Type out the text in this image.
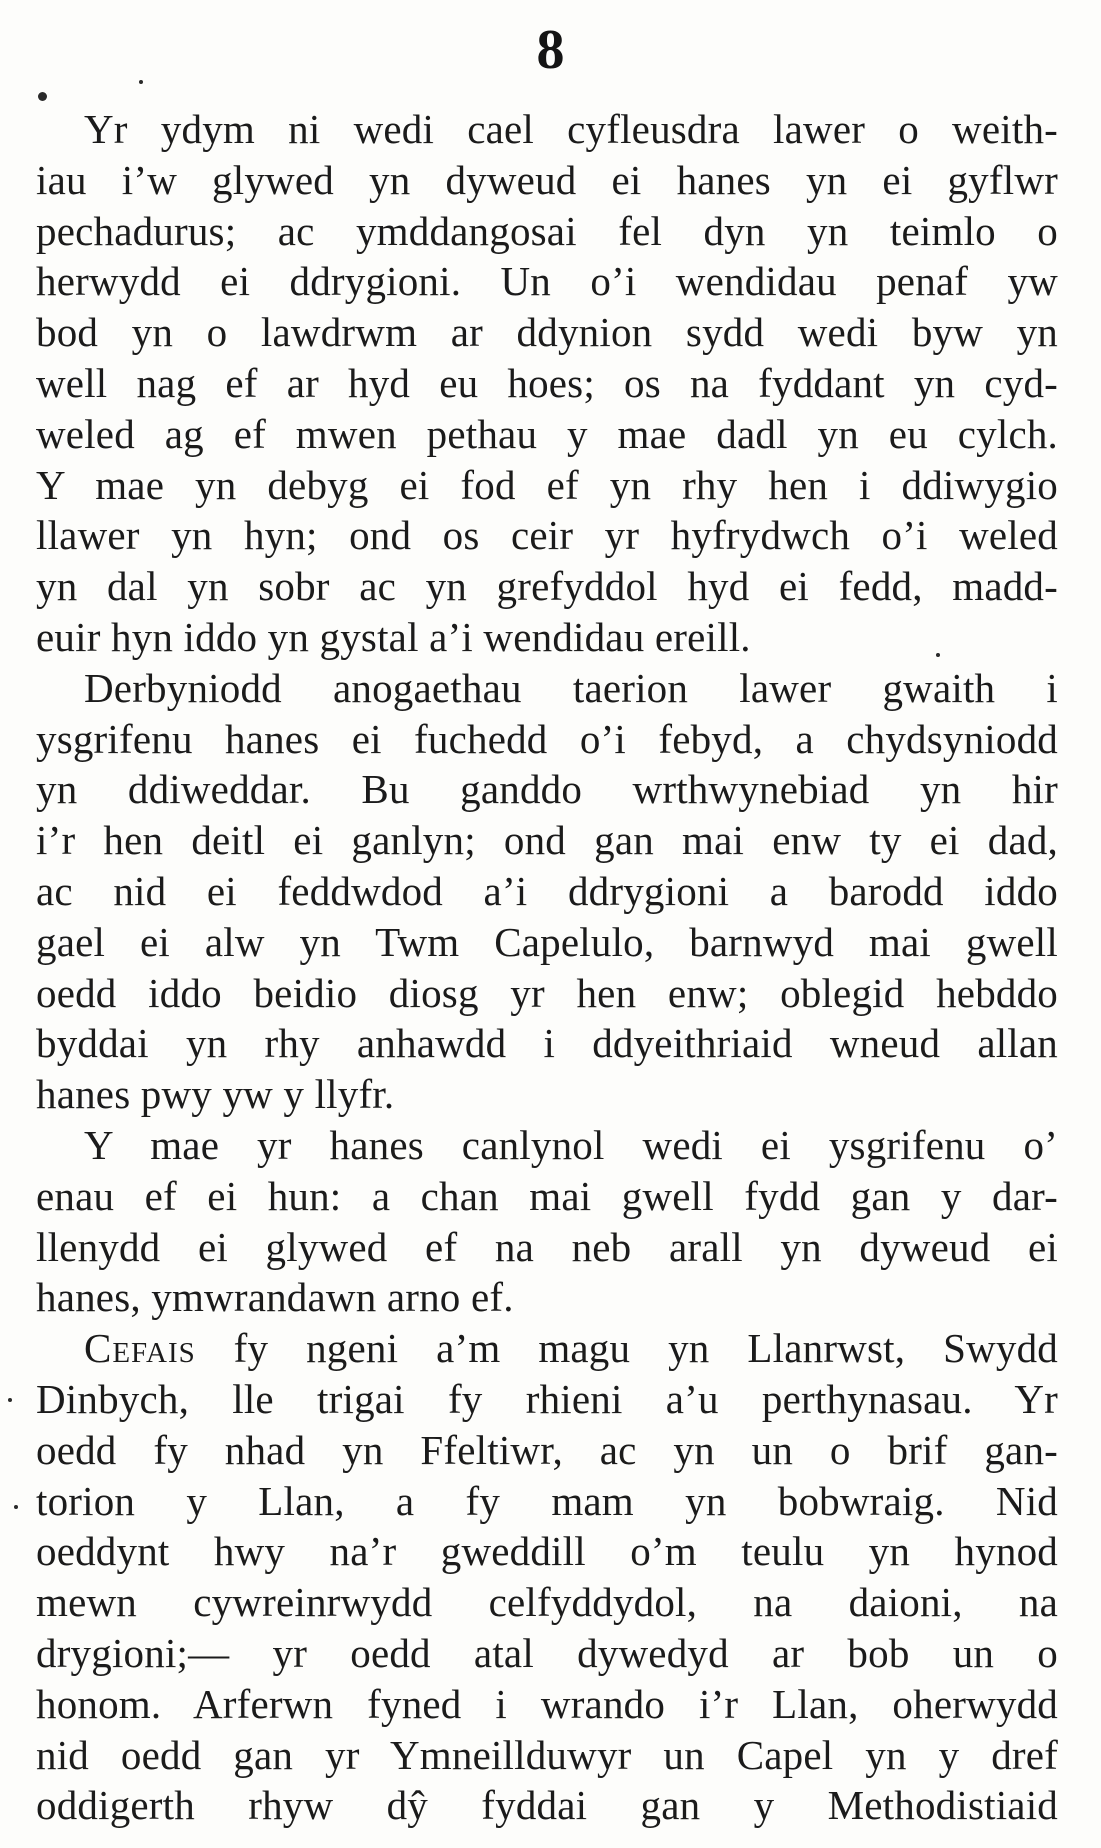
8
Yr ydym ni wedi cael cyfleusdra lawer o weith-
iau i’w glywed yn dyweud ei hanes yn ei gyflwr
pechadurus; ac ymddangosai fel dyn yn teimlo o
herwydd ei ddrygioni. Un o’i wendidau penaf yw
bod yn o lawdrwm ar ddynion sydd wedi byw yn
well nag ef ar hyd eu hoes; os na fyddant yn cyd-
weled ag ef mwen pethau y mae dadl yn eu cylch.
Y mae yn debyg ei fod ef yn rhy hen i ddiwygio
llawer yn hyn; ond os ceir yr hyfrydwch o’i weled
yn dal yn sobr ac yn grefyddol hyd ei fedd, madd-
euir hyn iddo yn gystal a’i wendidau ereill.
Derbyniodd anogaethau taerion lawer gwaith i
ysgrifenu hanes ei fuchedd o’i febyd, a chydsyniodd
yn ddiweddar. Bu ganddo wrthwynebiad yn hir
i’r hen deitl ei ganlyn; ond gan mai enw ty ei dad,
ac nid ei feddwdod a’i ddrygioni a barodd iddo
gael ei alw yn Twm Capelulo, barnwyd mai gwell
oedd iddo beidio diosg yr hen enw; oblegid hebddo
byddai yn rhy anhawdd i ddyeithriaid wneud allan
hanes pwy yw y llyfr.
Y mae yr hanes canlynol wedi ei ysgrifenu o’
enau ef ei hun: a chan mai gwell fydd gan y dar-
llenydd ei glywed ef na neb arall yn dyweud ei
hanes, ymwrandawn arno ef.
Cefais fy ngeni a’m magu yn Llanrwst, Swydd
Dinbych, lle trigai fy rhieni a’u perthynasau. Yr
oedd fy nhad yn Ffeltiwr, ac yn un o brif gan-
torion y Llan, a fy mam yn bobwraig. Nid
oeddynt hwy na’r gweddill o’m teulu yn hynod
mewn cywreinrwydd celfyddydol, na daioni, na
drygioni;— yr oedd atal dywedyd ar bob un o
honom. Arferwn fyned i wrando i’r Llan, oherwydd
nid oedd gan yr Ymneillduwyr un Capel yn y dref
oddigerth rhyw dŷ fyddai gan y Methodistiaid
